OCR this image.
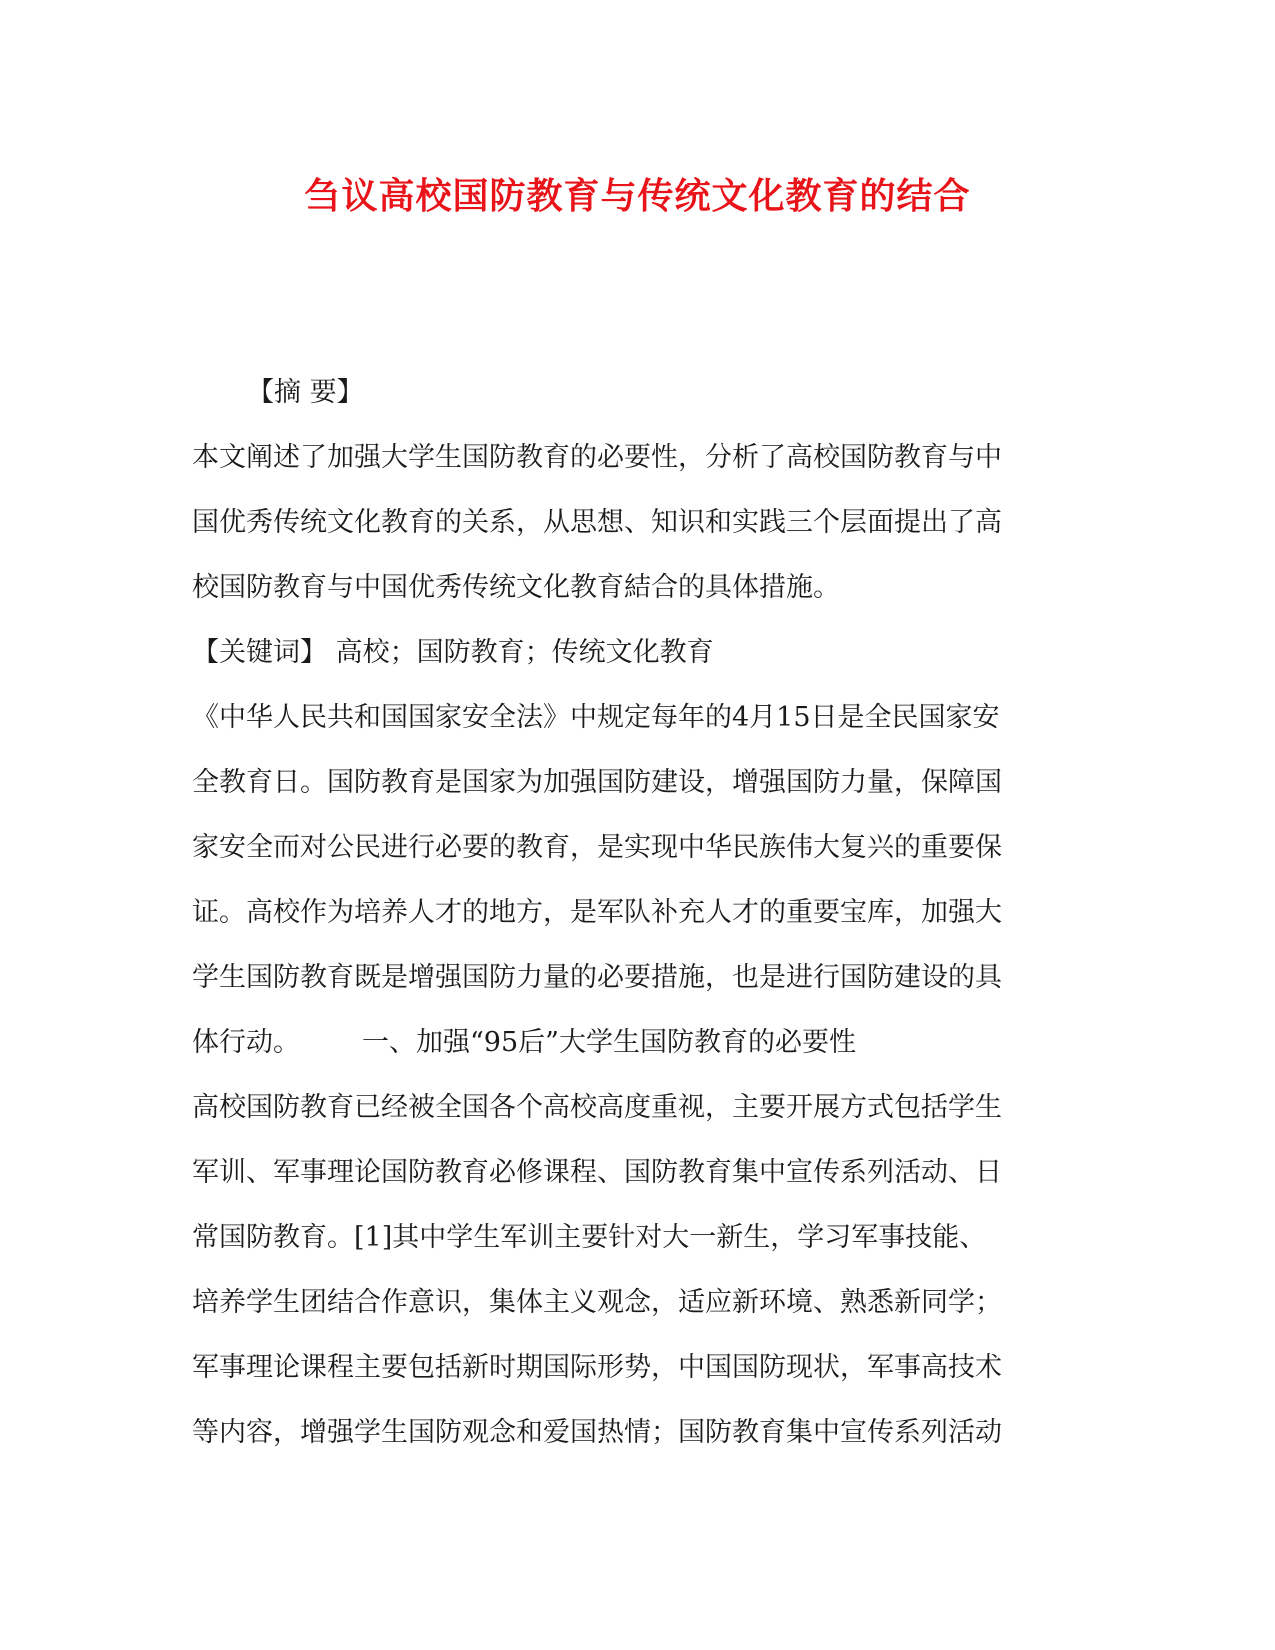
刍议高校国防教育与传统文化教育的结合
【摘 要】
本文阐述了加强大学生国防教育的必要性，分析了高校国防教育与中
国优秀传统文化教育的关系，从思想、知识和实践三个层面提出了高
校国防教育与中国优秀传统文化教育結合的具体措施。
【关键词】 高校；国防教育；传统文化教育
《中华人民共和国国家安全法》中规定每年的4月15日是全民国家安
全教育日。国防教育是国家为加强国防建设，增强国防力量，保障国
家安全而对公民进行必要的教育，是实现中华民族伟大复兴的重要保
证。高校作为培养人才的地方，是军队补充人才的重要宝库，加强大
学生国防教育既是增强国防力量的必要措施，也是进行国防建设的具
体行动。 一、加强“95后”大学生国防教育的必要性
高校国防教育已经被全国各个高校高度重视，主要开展方式包括学生
军训、军事理论国防教育必修课程、国防教育集中宣传系列活动、日
常国防教育。[1]其中学生军训主要针对大一新生，学习军事技能、
培养学生团结合作意识，集体主义观念，适应新环境、熟悉新同学；
军事理论课程主要包括新时期国际形势，中国国防现状，军事高技术
等内容，增强学生国防观念和爱国热情；国防教育集中宣传系列活动
